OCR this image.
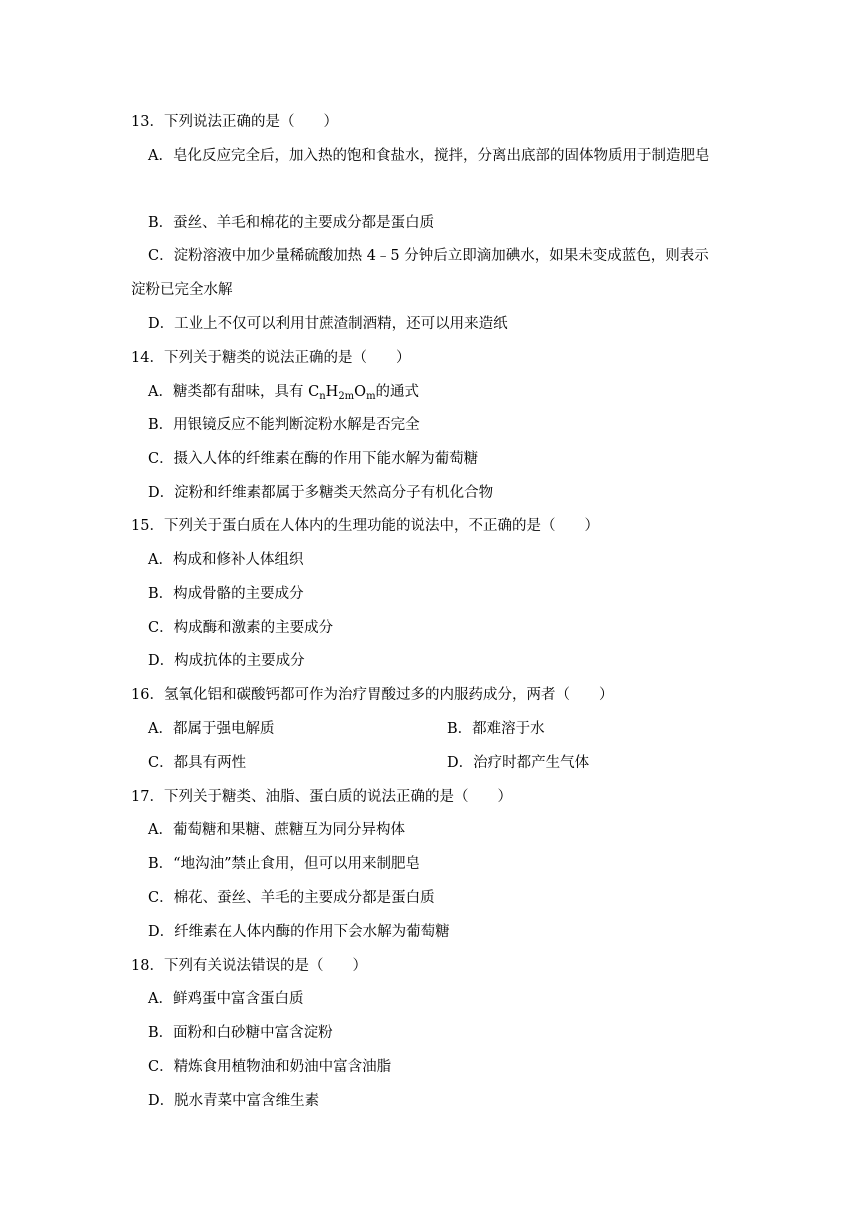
13．下列说法正确的是（　　）
A．皂化反应完全后，加入热的饱和食盐水，搅拌，分离出底部的固体物质用于制造肥皂
B．蚕丝、羊毛和棉花的主要成分都是蛋白质
C．淀粉溶液中加少量稀硫酸加热 4﹣5 分钟后立即滴加碘水，如果未变成蓝色，则表示
淀粉已完全水解
D．工业上不仅可以利用甘蔗渣制酒精，还可以用来造纸
14．下列关于糖类的说法正确的是（　　）
A．糖类都有甜味，具有 $C_nH_{2m}O_m$的通式
B．用银镜反应不能判断淀粉水解是否完全
C．摄入人体的纤维素在酶的作用下能水解为葡萄糖
D．淀粉和纤维素都属于多糖类天然高分子有机化合物
15．下列关于蛋白质在人体内的生理功能的说法中，不正确的是（　　）
A．构成和修补人体组织
B．构成骨骼的主要成分
C．构成酶和激素的主要成分
D．构成抗体的主要成分
16．氢氧化铝和碳酸钙都可作为治疗胃酸过多的内服药成分，两者（　　）
A．都属于强电解质	B．都难溶于水
C．都具有两性	D．治疗时都产生气体
17．下列关于糖类、油脂、蛋白质的说法正确的是（　　）
A．葡萄糖和果糖、蔗糖互为同分异构体
B．“地沟油”禁止食用，但可以用来制肥皂
C．棉花、蚕丝、羊毛的主要成分都是蛋白质
D．纤维素在人体内酶的作用下会水解为葡萄糖
18．下列有关说法错误的是（　　）
A．鲜鸡蛋中富含蛋白质
B．面粉和白砂糖中富含淀粉
C．精炼食用植物油和奶油中富含油脂
D．脱水青菜中富含维生素
